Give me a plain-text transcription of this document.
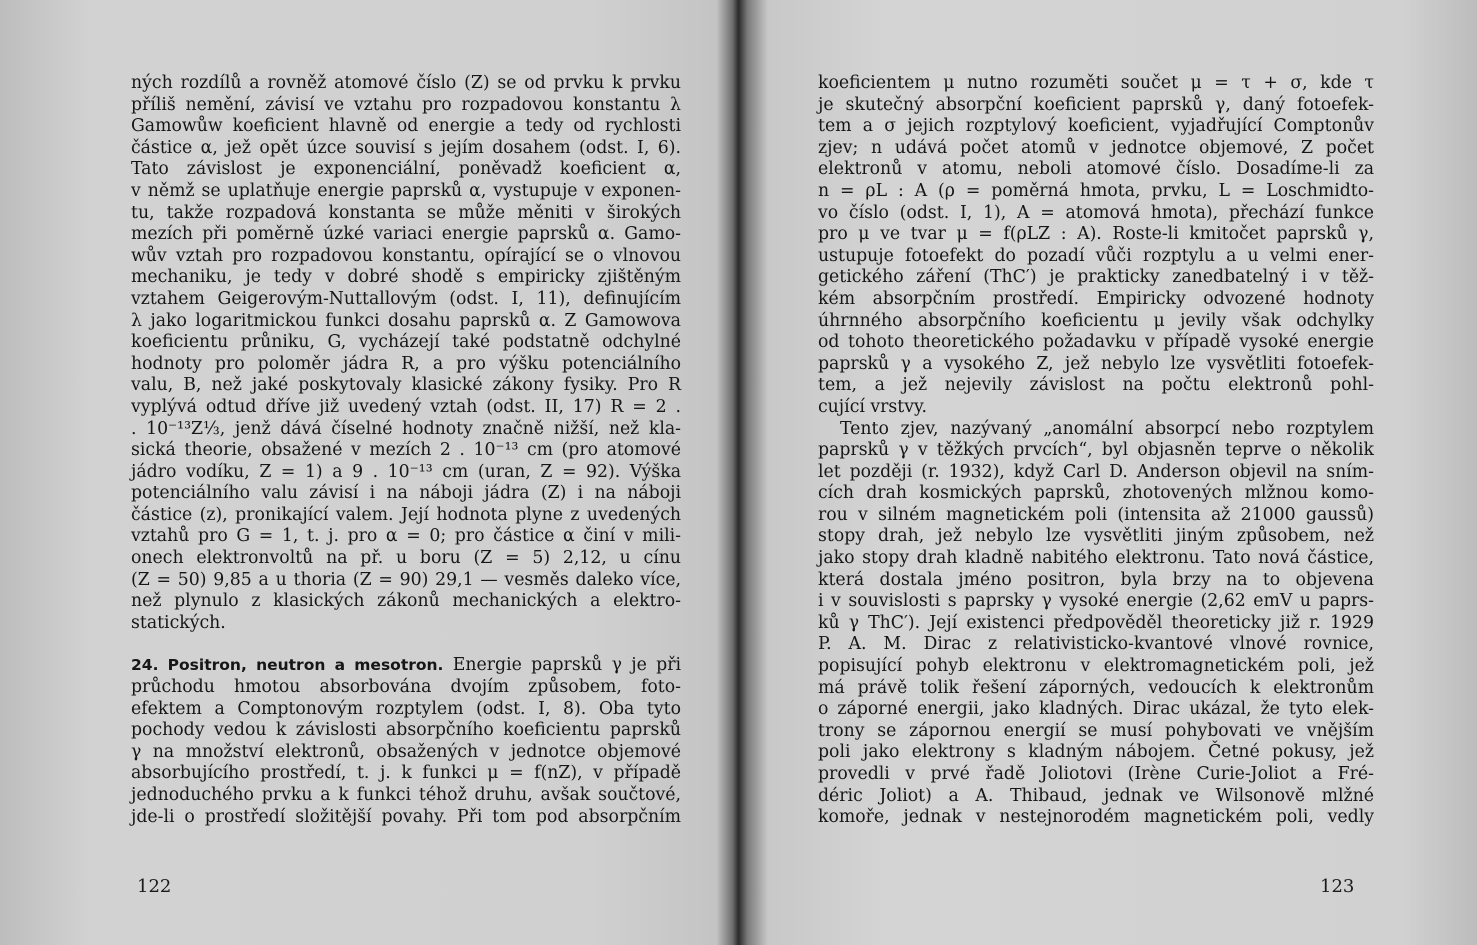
ných rozdílů a rovněž atomové číslo (Z) se od prvku k prvku
příliš nemění, závisí ve vztahu pro rozpadovou konstantu λ
Gamowůw koeficient hlavně od energie a tedy od rychlosti
částice α, jež opět úzce souvisí s jejím dosahem (odst. I, 6).
Tato závislost je exponenciální, poněvadž koeficient α,
v němž se uplatňuje energie paprsků α, vystupuje v exponen-
tu, takže rozpadová konstanta se může měniti v širokých
mezích při poměrně úzké variaci energie paprsků α. Gamo-
wův vztah pro rozpadovou konstantu, opírající se o vlnovou
mechaniku, je tedy v dobré shodě s empiricky zjištěným
vztahem Geigerovým-Nuttallovým (odst. I, 11), definujícím
λ jako logaritmickou funkci dosahu paprsků α. Z Gamowova
koeficientu průniku, G, vycházejí také podstatně odchylné
hodnoty pro poloměr jádra R, a pro výšku potenciálního
valu, B, než jaké poskytovaly klasické zákony fysiky. Pro R
vyplývá odtud dříve již uvedený vztah (odst. II, 17) R = 2 .
. 10⁻¹³Z⅓, jenž dává číselné hodnoty značně nižší, než kla-
sická theorie, obsažené v mezích 2 . 10⁻¹³ cm (pro atomové
jádro vodíku, Z = 1) a 9 . 10⁻¹³ cm (uran, Z = 92). Výška
potenciálního valu závisí i na náboji jádra (Z) i na náboji
částice (z), pronikající valem. Její hodnota plyne z uvedených
vztahů pro G = 1, t. j. pro α = 0; pro částice α činí v mili-
onech elektronvoltů na př. u boru (Z = 5) 2,12, u cínu
(Z = 50) 9,85 a u thoria (Z = 90) 29,1 — vesměs daleko více,
než plynulo z klasických zákonů mechanických a elektro-
statických.
24. Positron, neutron a mesotron. Energie paprsků γ je při
průchodu hmotou absorbována dvojím způsobem, foto-
efektem a Comptonovým rozptylem (odst. I, 8). Oba tyto
pochody vedou k závislosti absorpčního koeficientu paprsků
γ na množství elektronů, obsažených v jednotce objemové
absorbujícího prostředí, t. j. k funkci μ = f(nZ), v případě
jednoduchého prvku a k funkci téhož druhu, avšak součtové,
jde-li o prostředí složitější povahy. Při tom pod absorpčním
122
koeficientem μ nutno rozuměti součet μ = τ + σ, kde τ
je skutečný absorpční koeficient paprsků γ, daný fotoefek-
tem a σ jejich rozptylový koeficient, vyjadřující Comptonův
zjev; n udává počet atomů v jednotce objemové, Z počet
elektronů v atomu, neboli atomové číslo. Dosadíme-li za
n = ρL : A (ρ = poměrná hmota, prvku, L = Loschmidto-
vo číslo (odst. I, 1), A = atomová hmota), přechází funkce
pro μ ve tvar μ = f(ρLZ : A). Roste-li kmitočet paprsků γ,
ustupuje fotoefekt do pozadí vůči rozptylu a u velmi ener-
getického záření (ThC′) je prakticky zanedbatelný i v těž-
kém absorpčním prostředí. Empiricky odvozené hodnoty
úhrnného absorpčního koeficientu μ jevily však odchylky
od tohoto theoretického požadavku v případě vysoké energie
paprsků γ a vysokého Z, jež nebylo lze vysvětliti fotoefek-
tem, a jež nejevily závislost na počtu elektronů pohl-
cující vrstvy.
Tento zjev, nazývaný „anomální absorpcí nebo rozptylem
paprsků γ v těžkých prvcích“, byl objasněn teprve o několik
let později (r. 1932), když Carl D. Anderson objevil na sním-
cích drah kosmických paprsků, zhotovených mlžnou komo-
rou v silném magnetickém poli (intensita až 21000 gaussů)
stopy drah, jež nebylo lze vysvětliti jiným způsobem, než
jako stopy drah kladně nabitého elektronu. Tato nová částice,
která dostala jméno positron, byla brzy na to objevena
i v souvislosti s paprsky γ vysoké energie (2,62 emV u paprs-
ků γ ThC′). Její existenci předpověděl theoreticky již r. 1929
P. A. M. Dirac z relativisticko-kvantové vlnové rovnice,
popisující pohyb elektronu v elektromagnetickém poli, jež
má právě tolik řešení záporných, vedoucích k elektronům
o záporné energii, jako kladných. Dirac ukázal, že tyto elek-
trony se zápornou energií se musí pohybovati ve vnějším
poli jako elektrony s kladným nábojem. Četné pokusy, jež
provedli v prvé řadě Joliotovi (Irène Curie-Joliot a Fré-
déric Joliot) a A. Thibaud, jednak ve Wilsonově mlžné
komoře, jednak v nestejnorodém magnetickém poli, vedly
123
